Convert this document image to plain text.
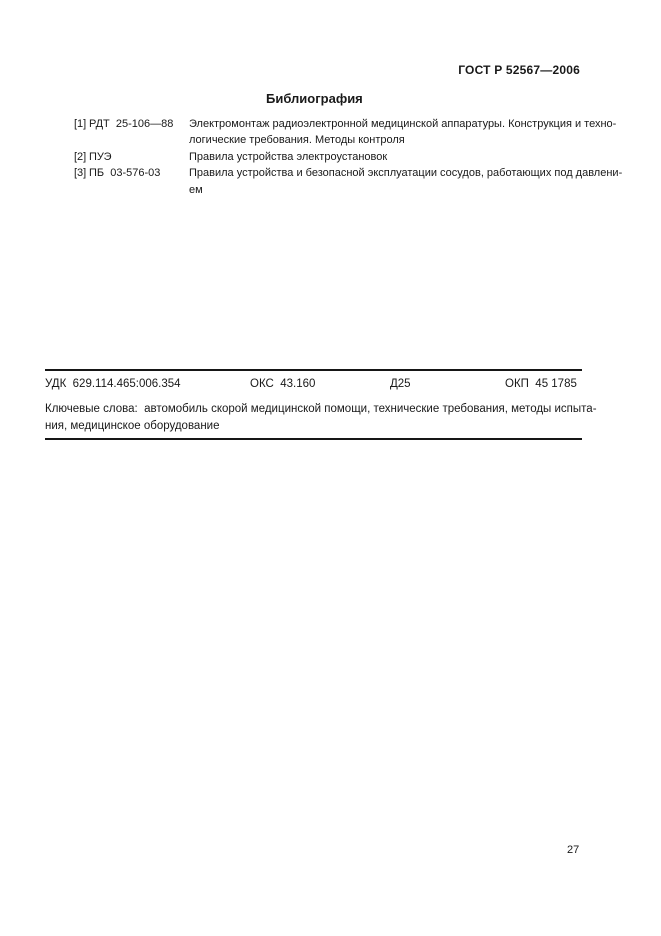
ГОСТ Р 52567—2006
Библиография
[1] РДТ  25-106—88	Электромонтаж радиоэлектронной медицинской аппаратуры. Конструкция и техно-
логические требования. Методы контроля
[2] ПУЭ	Правила устройства электроустановок
[3] ПБ  03-576-03	Правила устройства и безопасной эксплуатации сосудов, работающих под давлени-
ем
УДК  629.114.465:006.354	ОКС  43.160	Д25	ОКП  45 1785
Ключевые слова:  автомобиль скорой медицинской помощи, технические требования, методы испыта-
ния, медицинское оборудование
27
